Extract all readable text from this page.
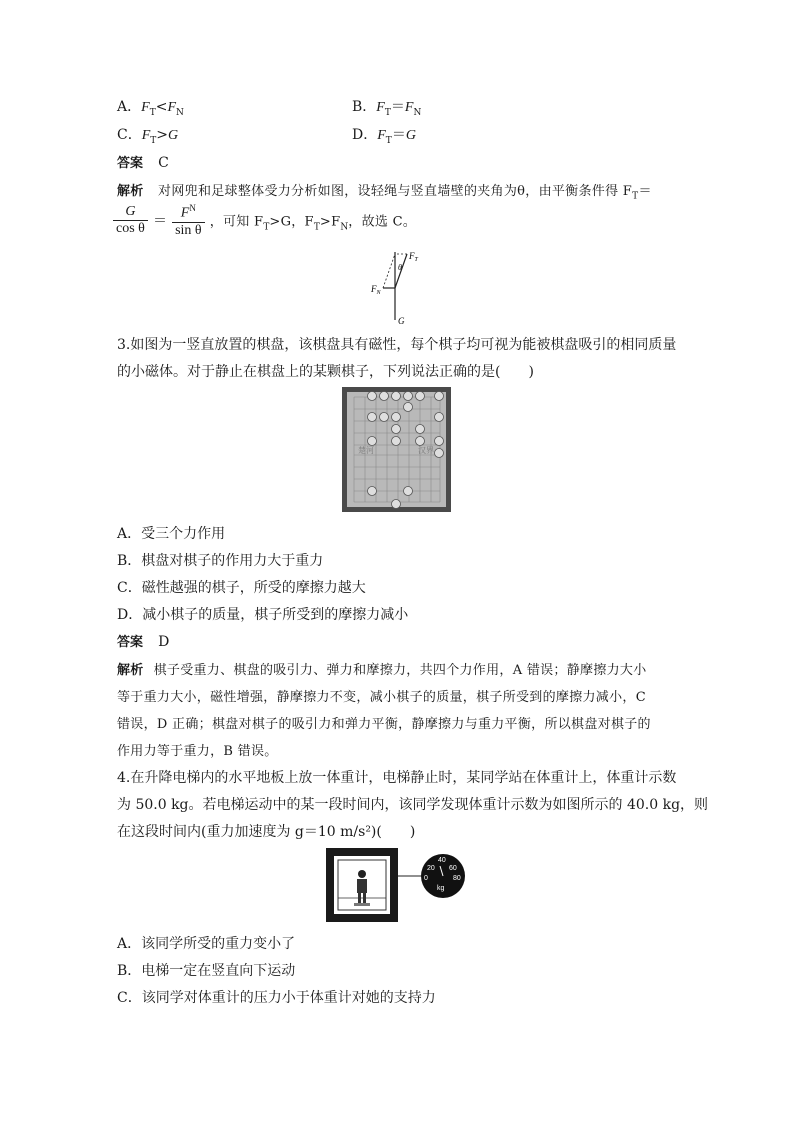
A．$F_T<F_N$	B．$F_T=F_N$
C．$F_T>G$	D．$F_T=G$
答案 C
解析 对网兜和足球整体受力分析如图，设轻绳与竖直墙壁的夹角为θ，由平衡条件得 $F_T=$
$\frac{G}{\text{cos θ}} = \frac{F^N}{\text{sin θ}}$ ，可知 $F_T>G$，$F_T>F_N$，故选 C。
$F_T$
θ
$F_N$
G
3.如图为一竖直放置的棋盘，该棋盘具有磁性，每个棋子均可视为能被棋盘吸引的相同质量
的小磁体。对于静止在棋盘上的某颗棋子，下列说法正确的是(　　)
楚河	汉界
A．受三个力作用
B．棋盘对棋子的作用力大于重力
C．磁性越强的棋子，所受的摩擦力越大
D．减小棋子的质量，棋子所受到的摩擦力减小
答案 D
解析 棋子受重力、棋盘的吸引力、弹力和摩擦力，共四个力作用，A 错误；静摩擦力大小
等于重力大小，磁性增强，静摩擦力不变，减小棋子的质量，棋子所受到的摩擦力减小，C
错误，D 正确；棋盘对棋子的吸引力和弹力平衡，静摩擦力与重力平衡，所以棋盘对棋子的
作用力等于重力，B 错误。
4.在升降电梯内的水平地板上放一体重计，电梯静止时，某同学站在体重计上，体重计示数
为 50.0 kg。若电梯运动中的某一段时间内，该同学发现体重计示数为如图所示的 40.0 kg，则
在这段时间内(重力加速度为 g＝10 m/s²)(　　)
40
20 60
0	80
kg
A．该同学所受的重力变小了
B．电梯一定在竖直向下运动
C．该同学对体重计的压力小于体重计对她的支持力
